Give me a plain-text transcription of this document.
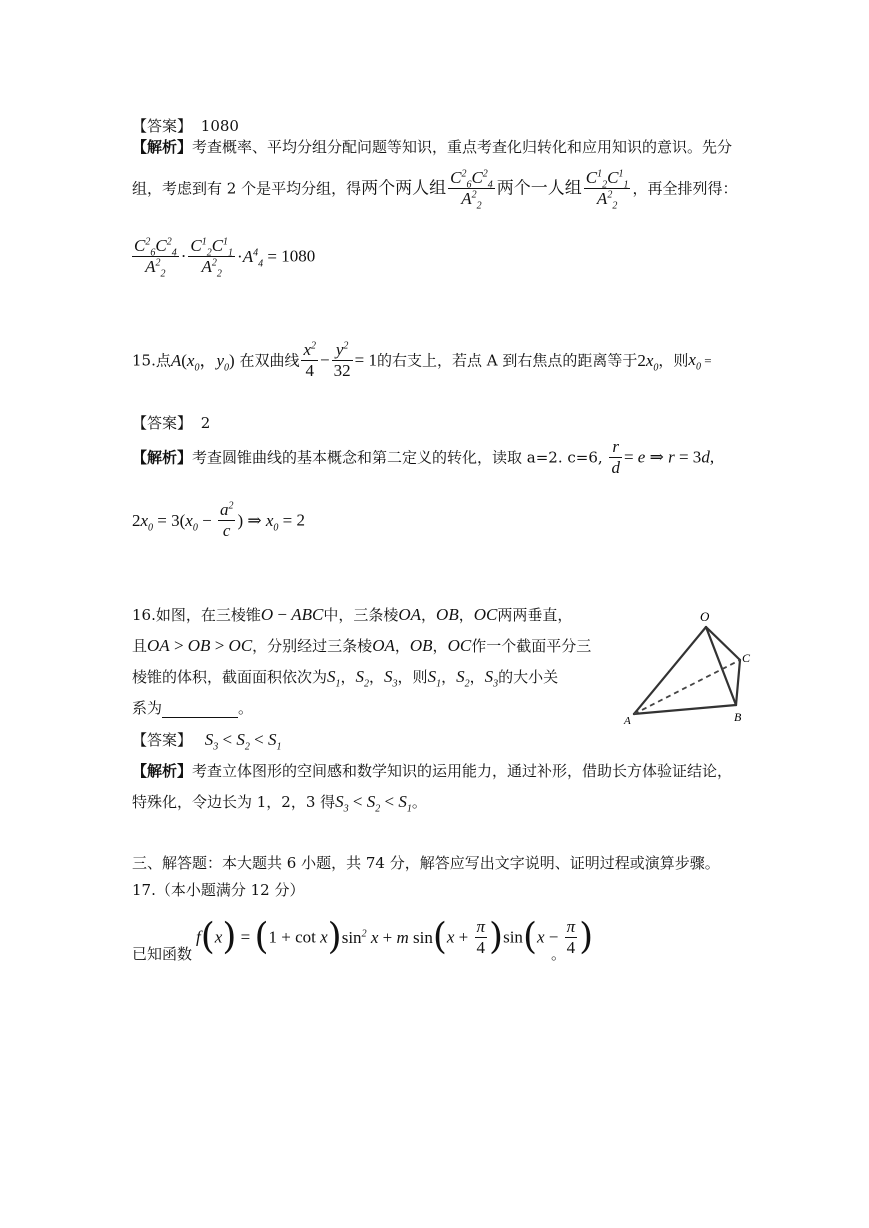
【答案】 1080
【解析】考查概率、平均分组分配问题等知识，重点考查化归转化和应用知识的意识。先分
组，考虑到有 2 个是平均分组，得两个两人组 $\frac{C^2_6C^2_4}{A^2_2}$ 两个一人组 $\frac{C^1_2C^1_1}{A^2_2}$ ，再全排列得：
$\frac{C^2_6C^2_4}{A^2_2} \cdot \frac{C^1_2C^1_1}{A^2_2} \cdot A^4_4 = 1080$
15.点$A(x_0$，$y_0$) 在双曲线 $\frac{x^2}{4} - \frac{y^2}{32} = 1$的右支上，若点 A 到右焦点的距离等于$2x_0$，则$x_0$ =
【答案】 2
【解析】考查圆锥曲线的基本概念和第二定义的转化，读取 a=2. c=6, $\frac{r}{d} = e$ ⇒ r = 3d,
$2x_0 = 3(x_0 - \frac{a^2}{c}$ ) ⇒ $x_0 = 2$
16.如图，在三棱锥O − ABC中，三条棱OA，OB，OC两两垂直，
且OA > OB > OC，分别经过三条棱OA，OB，OC作一个截面平分三
棱锥的体积，截面面积依次为$S_1$，$S_2$，$S_3$，则$S_1$，$S_2$，$S_3$的大小关
系为	。
【答案】 $S_3 < S_2 < S_1$
【解析】考查立体图形的空间感和数学知识的运用能力，通过补形，借助长方体验证结论，
特殊化，令边长为 1，2，3 得$S_3 < S_2 < S_1$。
O
A	B
C
三、解答题：本大题共 6 小题，共 74 分，解答应写出文字说明、证明过程或演算步骤。
17.（本小题满分 12 分）
$f(x) = (1 + \cot x)\sin^2$ x + m $\sin(x + \frac{\pi}{4} )\sin(x - \frac{\pi}{4}$ )
已知函数	。
